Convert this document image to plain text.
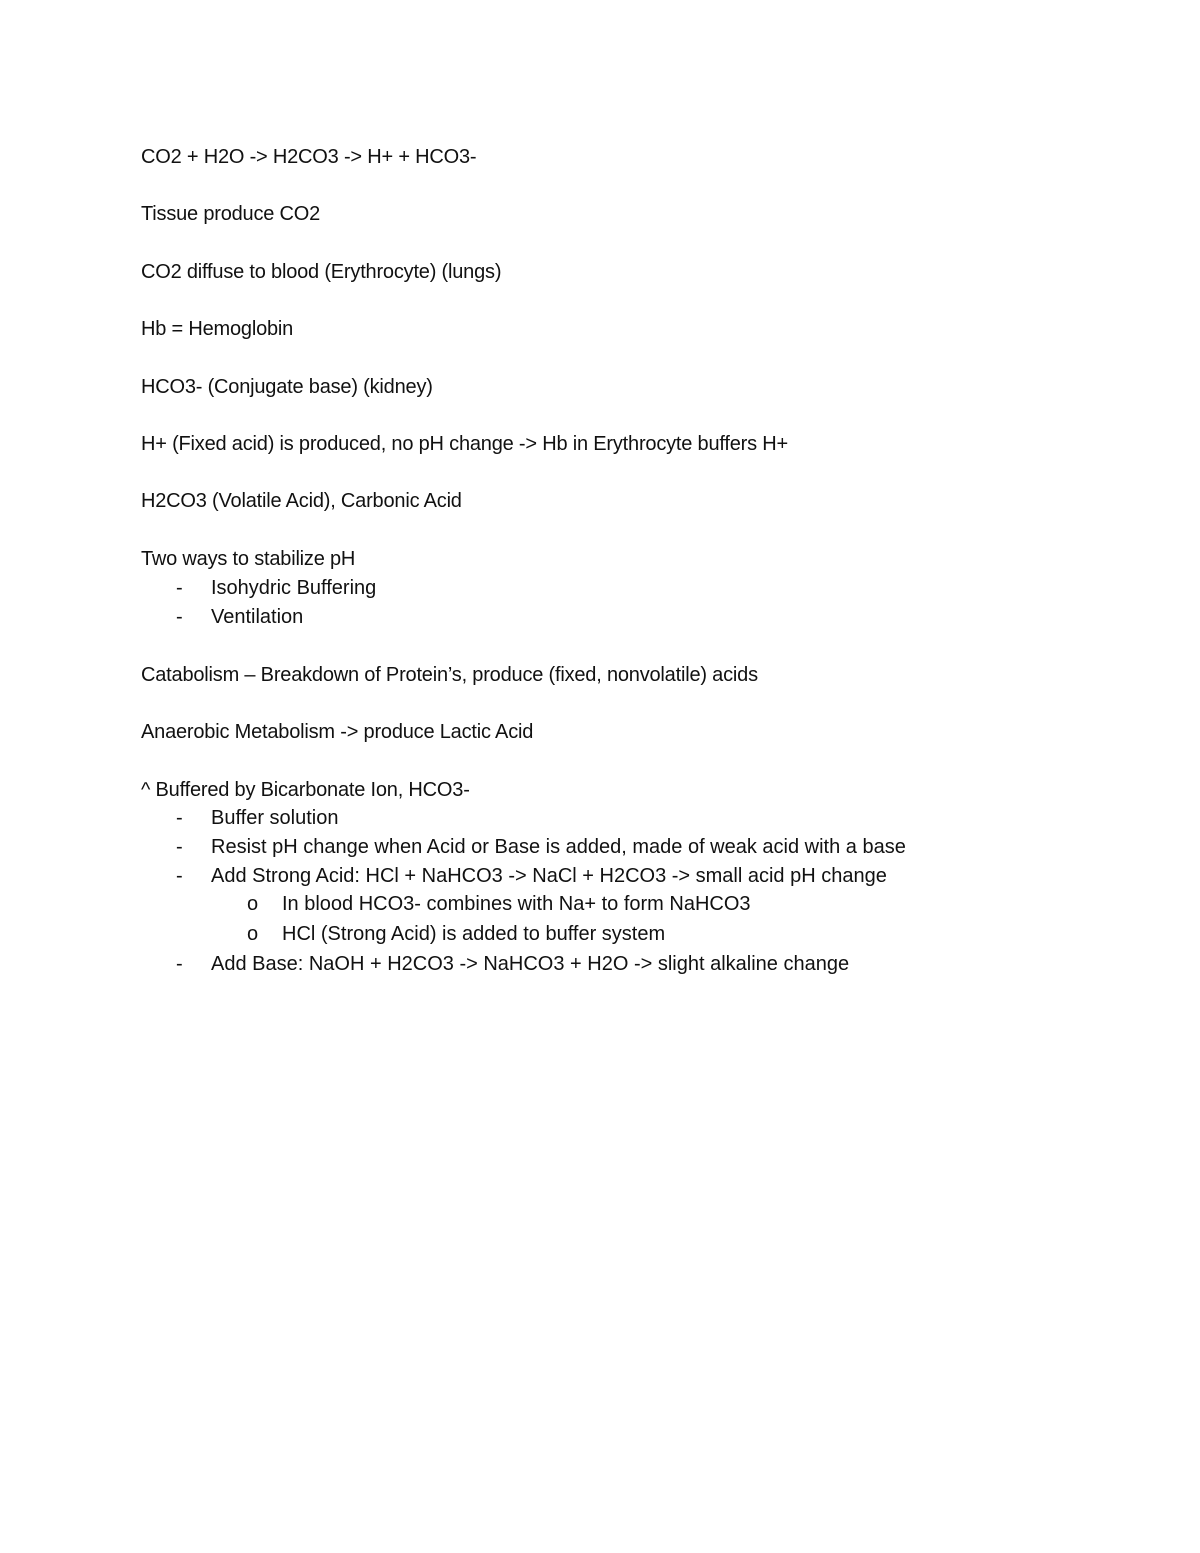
CO2 + H2O -> H2CO3 -> H+ + HCO3-
Tissue produce CO2
CO2 diffuse to blood (Erythrocyte) (lungs)
Hb = Hemoglobin
HCO3- (Conjugate base) (kidney)
H+ (Fixed acid) is produced, no pH change -> Hb in Erythrocyte buffers H+
H2CO3 (Volatile Acid), Carbonic Acid
Two ways to stabilize pH
- Isohydric Buffering
- Ventilation
Catabolism – Breakdown of Protein’s, produce (fixed, nonvolatile) acids
Anaerobic Metabolism -> produce Lactic Acid
^ Buffered by Bicarbonate Ion, HCO3-
- Buffer solution
- Resist pH change when Acid or Base is added, made of weak acid with a base
- Add Strong Acid: HCl + NaHCO3 -> NaCl + H2CO3 -> small acid pH change
o In blood HCO3- combines with Na+ to form NaHCO3
o HCl (Strong Acid) is added to buffer system
- Add Base: NaOH + H2CO3 -> NaHCO3 + H2O -> slight alkaline change
